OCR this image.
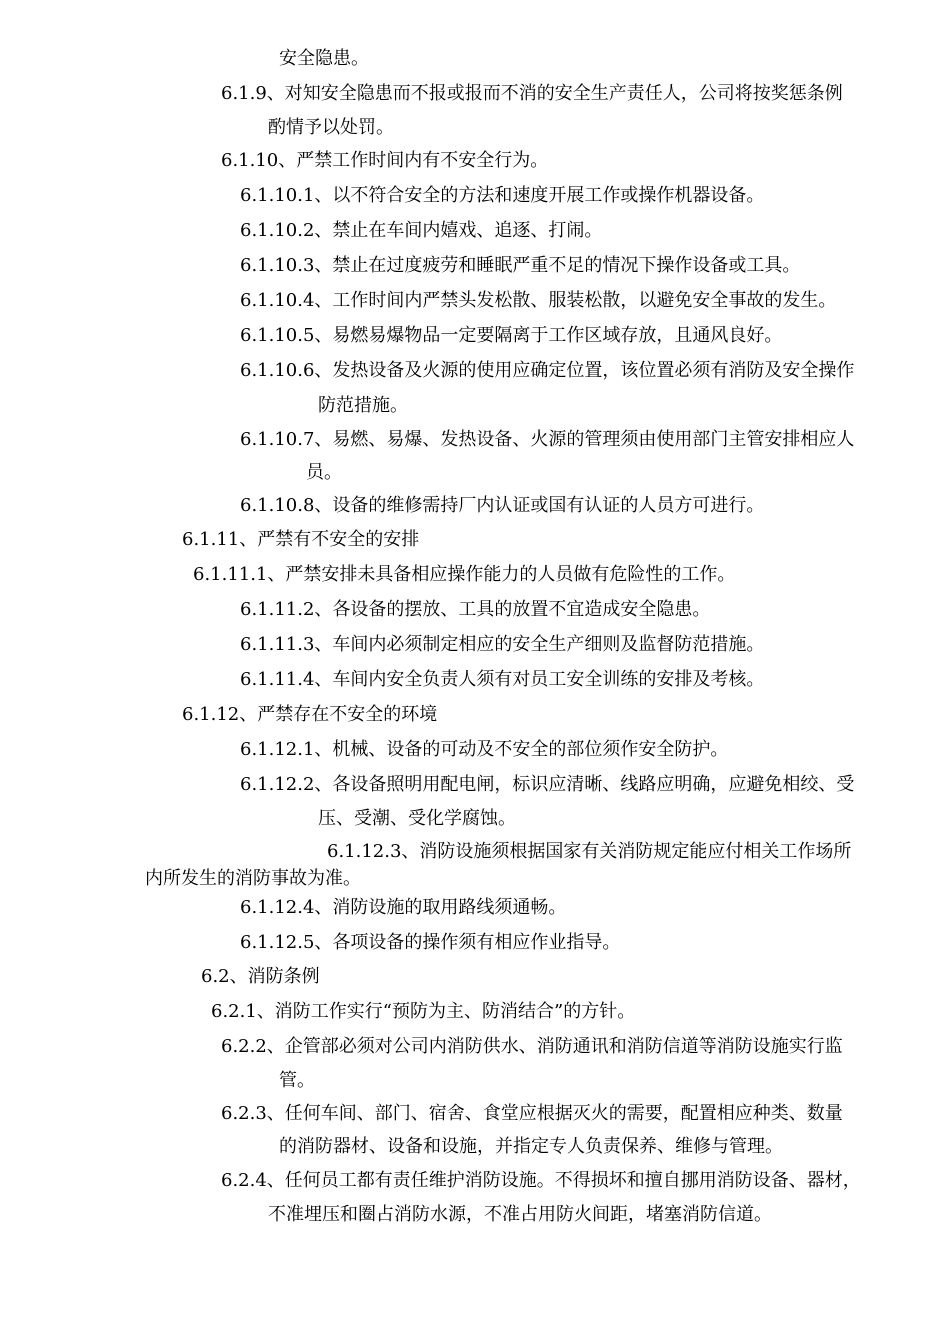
安全隐患。

6.1.9、对知安全隐患而不报或报而不消的安全生产责任人，公司将按奖惩条例

酌情予以处罚。

6.1.10、严禁工作时间内有不安全行为。

6.1.10.1、以不符合安全的方法和速度开展工作或操作机器设备。

6.1.10.2、禁止在车间内嬉戏、追逐、打闹。

6.1.10.3、禁止在过度疲劳和睡眠严重不足的情况下操作设备或工具。

6.1.10.4、工作时间内严禁头发松散、服装松散，以避免安全事故的发生。

6.1.10.5、易燃易爆物品一定要隔离于工作区域存放，且通风良好。

6.1.10.6、发热设备及火源的使用应确定位置，该位置必须有消防及安全操作

防范措施。

6.1.10.7、易燃、易爆、发热设备、火源的管理须由使用部门主管安排相应人

员。

6.1.10.8、设备的维修需持厂内认证或国有认证的人员方可进行。

6.1.11、严禁有不安全的安排

6.1.11.1、严禁安排未具备相应操作能力的人员做有危险性的工作。

6.1.11.2、各设备的摆放、工具的放置不宜造成安全隐患。

6.1.11.3、车间内必须制定相应的安全生产细则及监督防范措施。

6.1.11.4、车间内安全负责人须有对员工安全训练的安排及考核。

6.1.12、严禁存在不安全的环境

6.1.12.1、机械、设备的可动及不安全的部位须作安全防护。

6.1.12.2、各设备照明用配电闸，标识应清晰、线路应明确，应避免相绞、受

压、受潮、受化学腐蚀。

6.1.12.3、消防设施须根据国家有关消防规定能应付相关工作场所

内所发生的消防事故为准。

6.1.12.4、消防设施的取用路线须通畅。

6.1.12.5、各项设备的操作须有相应作业指导。

6.2、消防条例

6.2.1、消防工作实行“预防为主、防消结合”的方针。

6.2.2、企管部必须对公司内消防供水、消防通讯和消防信道等消防设施实行监

管。

6.2.3、任何车间、部门、宿舍、食堂应根据灭火的需要，配置相应种类、数量

的消防器材、设备和设施，并指定专人负责保养、维修与管理。

6.2.4、任何员工都有责任维护消防设施。不得损坏和擅自挪用消防设备、器材，

不准埋压和圈占消防水源，不准占用防火间距，堵塞消防信道。
